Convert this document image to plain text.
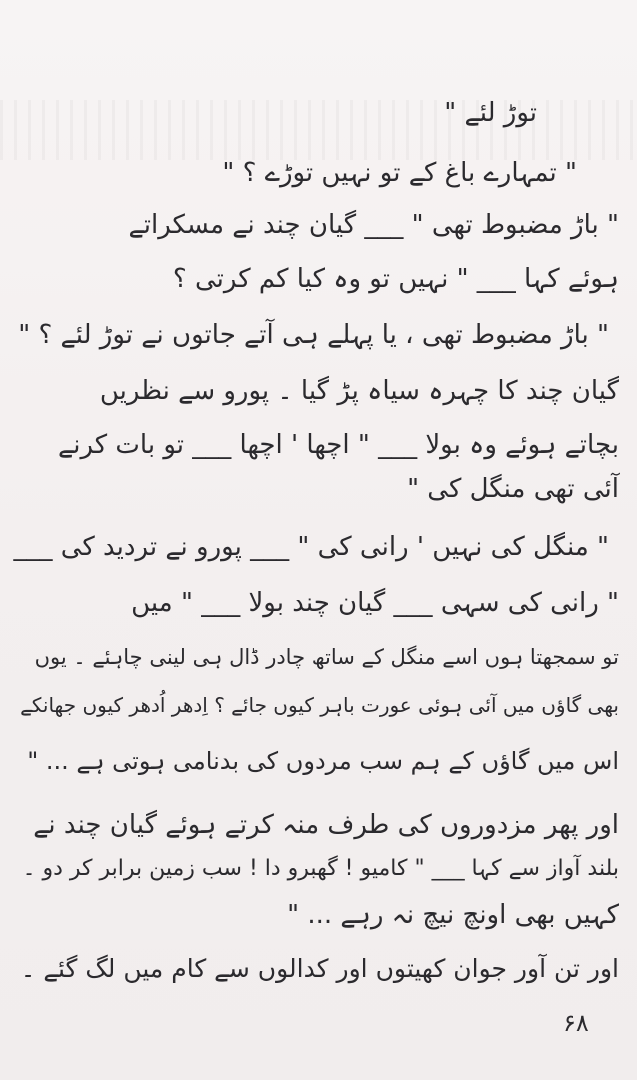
توڑ لئے "
" تمہارے باغ کے تو نہیں توڑے ؟ "
" باڑ مضبوط تھی " ___ گیان چند نے مسکراتے
ہوئے کہا ___ " نہیں تو وہ کیا کم کرتی ؟
" باڑ مضبوط تھی ، یا پہلے ہی آتے جاتوں نے توڑ لئے ؟ "
گیان چند کا چہرہ سیاہ پڑ گیا ۔ پورو سے نظریں
بچاتے ہوئے وہ بولا ___ " اچھا ' اچھا ___ تو بات کرنے
آئی تھی منگل کی "
" منگل کی نہیں ' رانی کی " ___ پورو نے تردید کی ___
" رانی کی سہی ___ گیان چند بولا ___ " میں
تو سمجھتا ہوں اسے منگل کے ساتھ چادر ڈال ہی لینی چاہئے ۔ یوں
بھی گاؤں میں آئی ہوئی عورت باہر کیوں جائے ؟ اِدھر اُدھر کیوں جھانکے
اس میں گاؤں کے ہم سب مردوں کی بدنامی ہوتی ہے ... "
اور پھر مزدوروں کی طرف منہ کرتے ہوئے گیان چند نے
بلند آواز سے کہا ___ " کامیو ! گھبرو دا ! سب زمین برابر کر دو ۔
کہیں بھی اونچ نیچ نہ رہے ... "
اور تن آور جوان کھیتوں اور کدالوں سے کام میں لگ گئے ۔
۶۸
